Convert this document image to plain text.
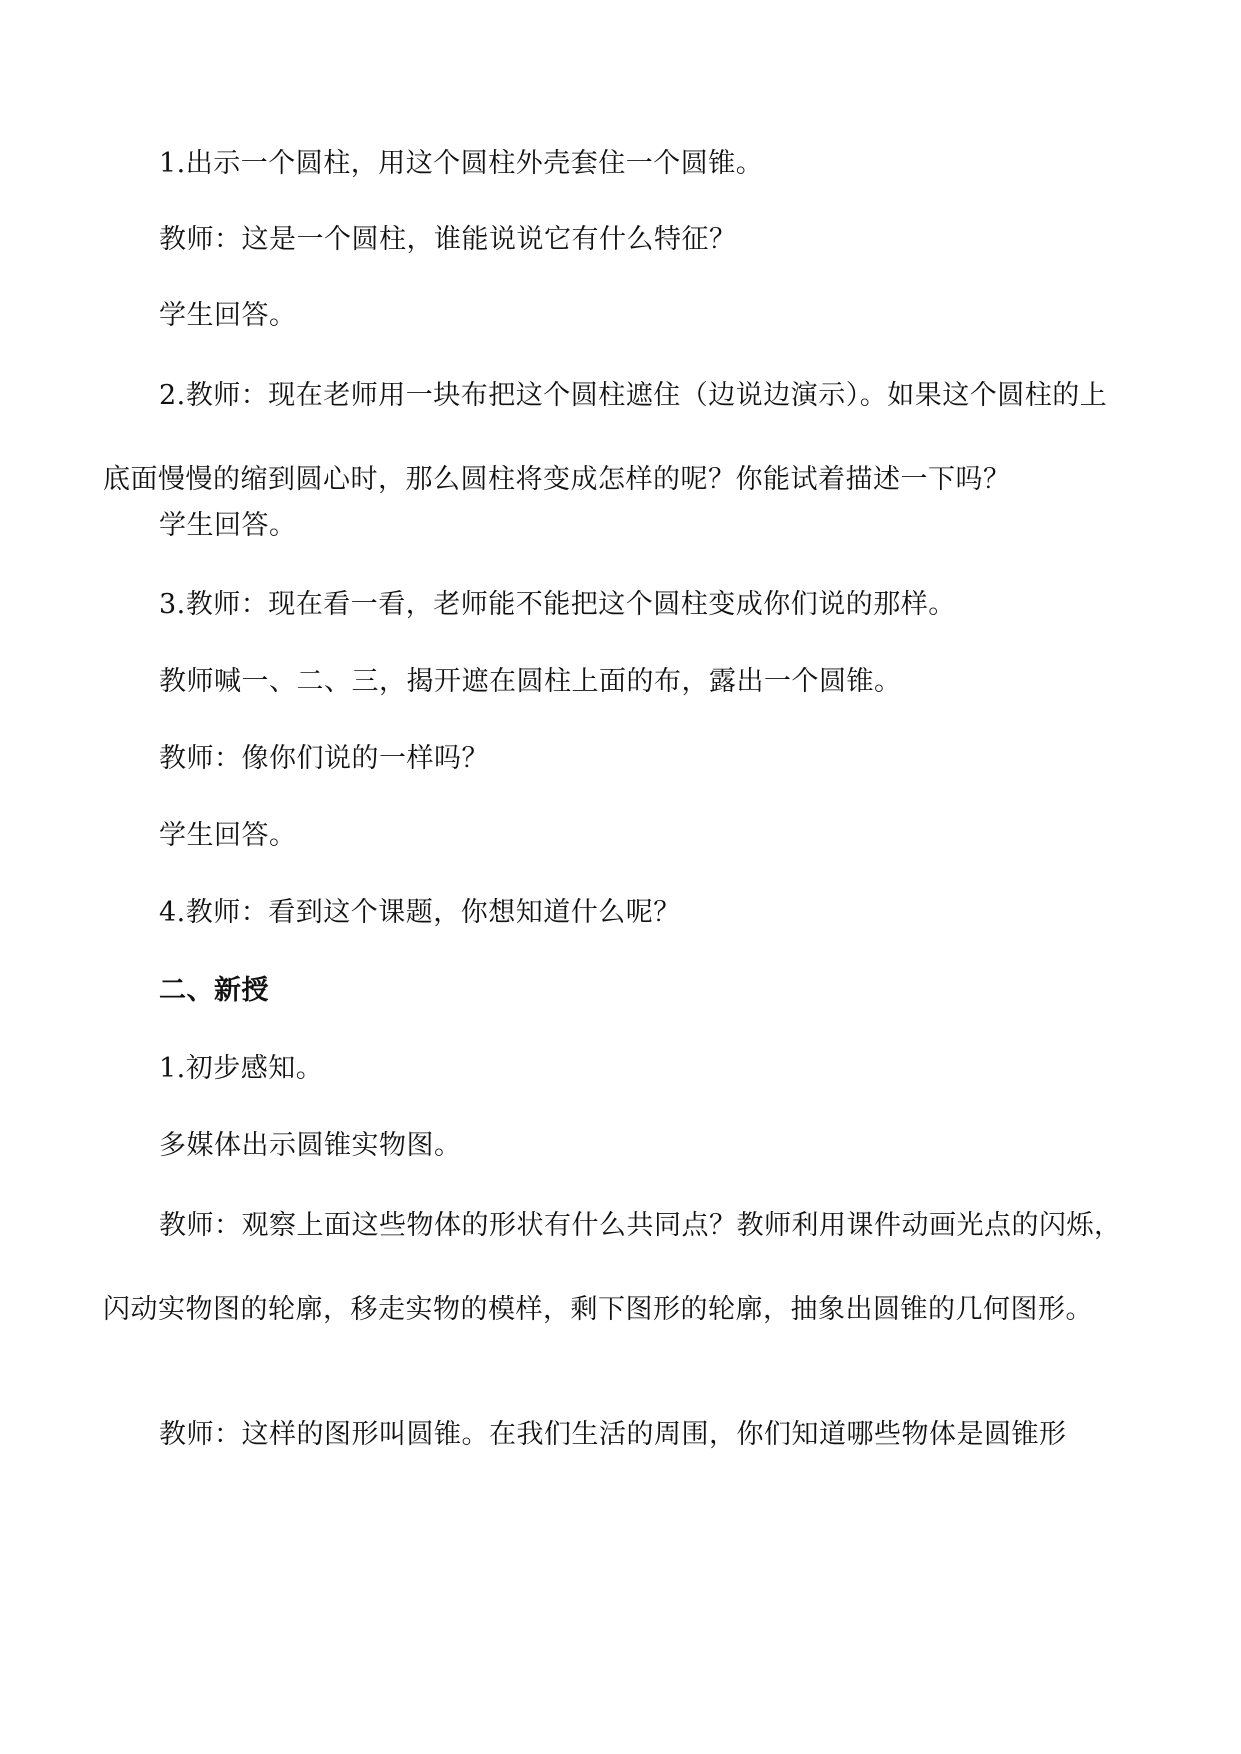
1.出示一个圆柱，用这个圆柱外壳套住一个圆锥。

教师：这是一个圆柱，谁能说说它有什么特征？

学生回答。

2.教师：现在老师用一块布把这个圆柱遮住（边说边演示）。如果这个圆柱的上底面慢慢的缩到圆心时，那么圆柱将变成怎样的呢？你能试着描述一下吗？

学生回答。

3.教师：现在看一看，老师能不能把这个圆柱变成你们说的那样。

教师喊一、二、三，揭开遮在圆柱上面的布，露出一个圆锥。

教师：像你们说的一样吗？

学生回答。

4.教师：看到这个课题，你想知道什么呢？

二、新授

1.初步感知。

多媒体出示圆锥实物图。

教师：观察上面这些物体的形状有什么共同点？教师利用课件动画光点的闪烁，闪动实物图的轮廓，移走实物的模样，剩下图形的轮廓，抽象出圆锥的几何图形。

教师：这样的图形叫圆锥。在我们生活的周围，你们知道哪些物体是圆锥形
